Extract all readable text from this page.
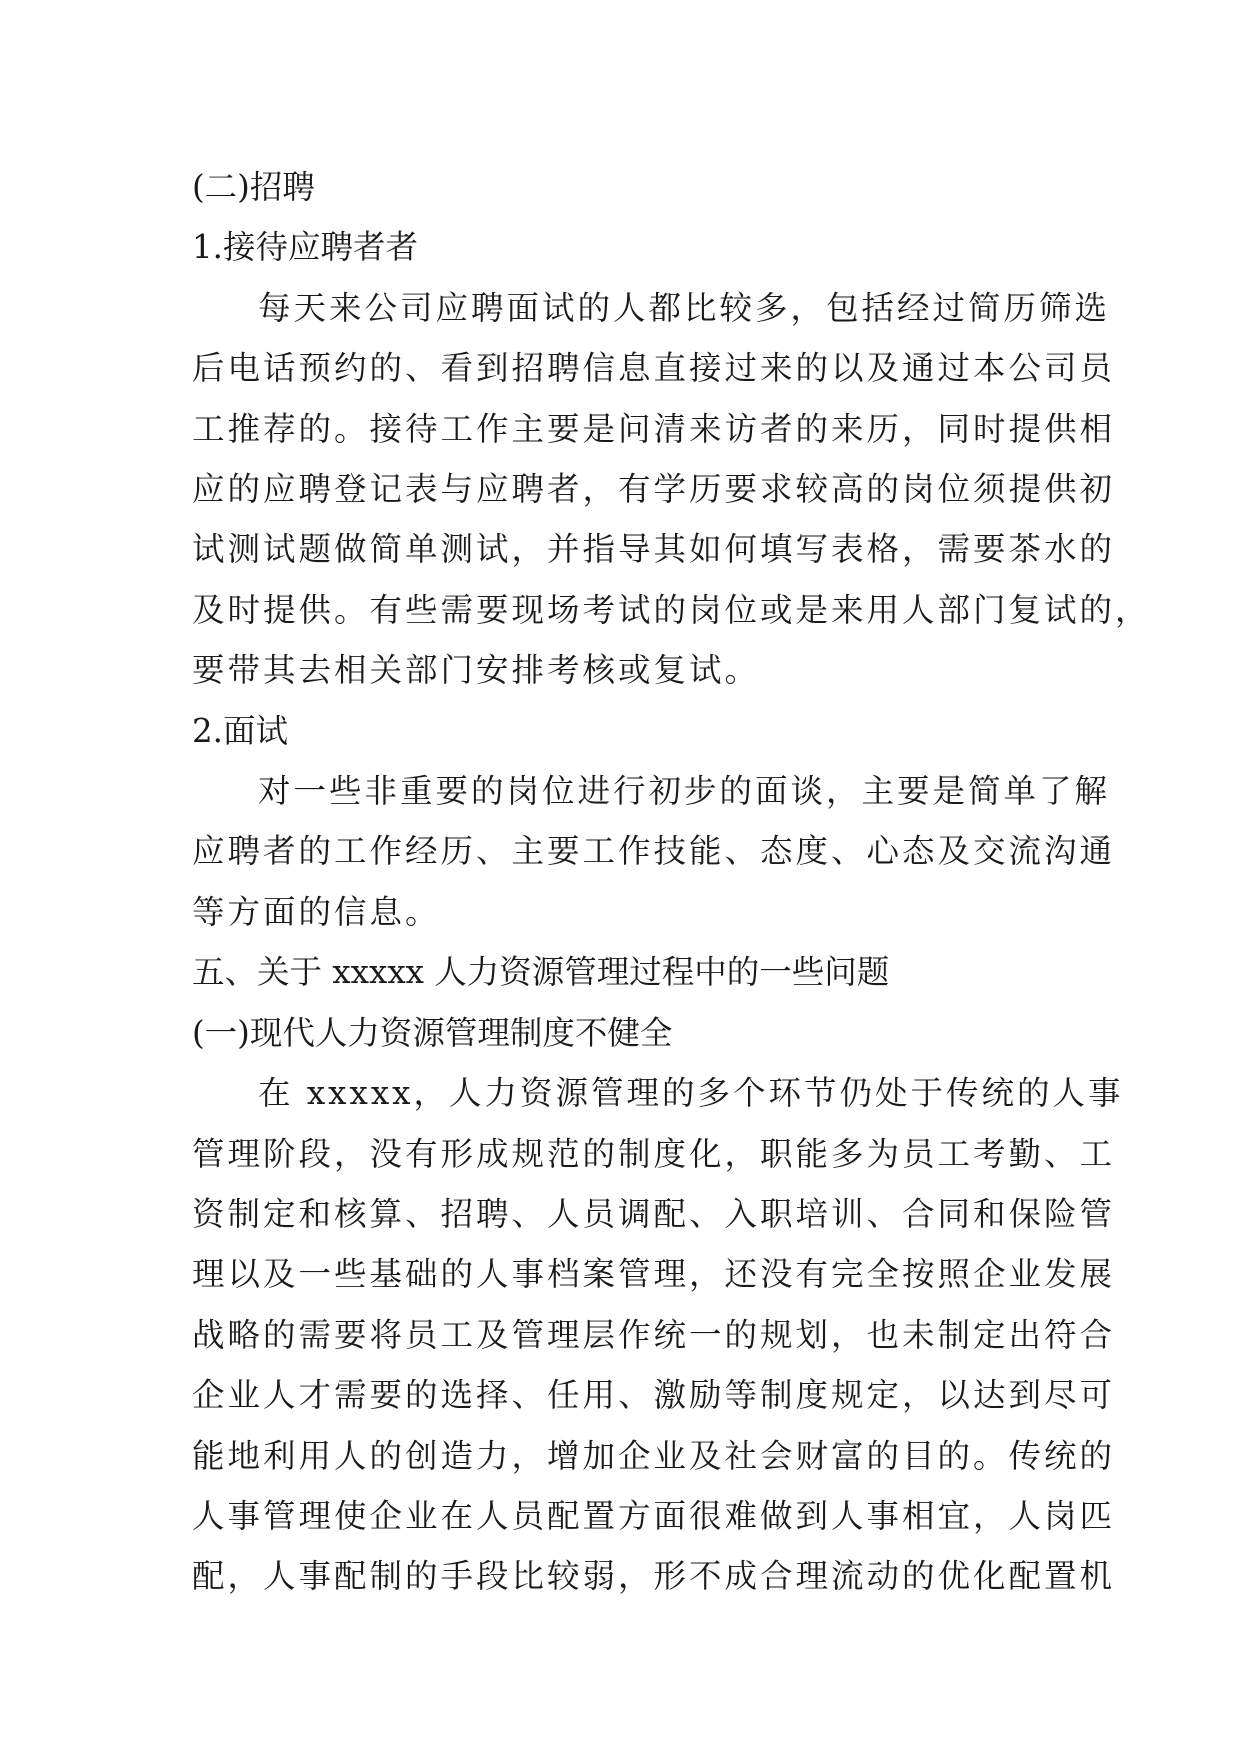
(二)招聘

1.接待应聘者者

每天来公司应聘面试的人都比较多，包括经过简历筛选
后电话预约的、看到招聘信息直接过来的以及通过本公司员
工推荐的。接待工作主要是问清来访者的来历，同时提供相
应的应聘登记表与应聘者，有学历要求较高的岗位须提供初
试测试题做简单测试，并指导其如何填写表格，需要茶水的
及时提供。有些需要现场考试的岗位或是来用人部门复试的，
要带其去相关部门安排考核或复试。

2.面试

对一些非重要的岗位进行初步的面谈，主要是简单了解
应聘者的工作经历、主要工作技能、态度、心态及交流沟通
等方面的信息。

五、关于 xxxxx 人力资源管理过程中的一些问题

(一)现代人力资源管理制度不健全

在 xxxxx，人力资源管理的多个环节仍处于传统的人事
管理阶段，没有形成规范的制度化，职能多为员工考勤、工
资制定和核算、招聘、人员调配、入职培训、合同和保险管
理以及一些基础的人事档案管理，还没有完全按照企业发展
战略的需要将员工及管理层作统一的规划，也未制定出符合
企业人才需要的选择、任用、激励等制度规定，以达到尽可
能地利用人的创造力，增加企业及社会财富的目的。传统的
人事管理使企业在人员配置方面很难做到人事相宜，人岗匹
配，人事配制的手段比较弱，形不成合理流动的优化配置机
